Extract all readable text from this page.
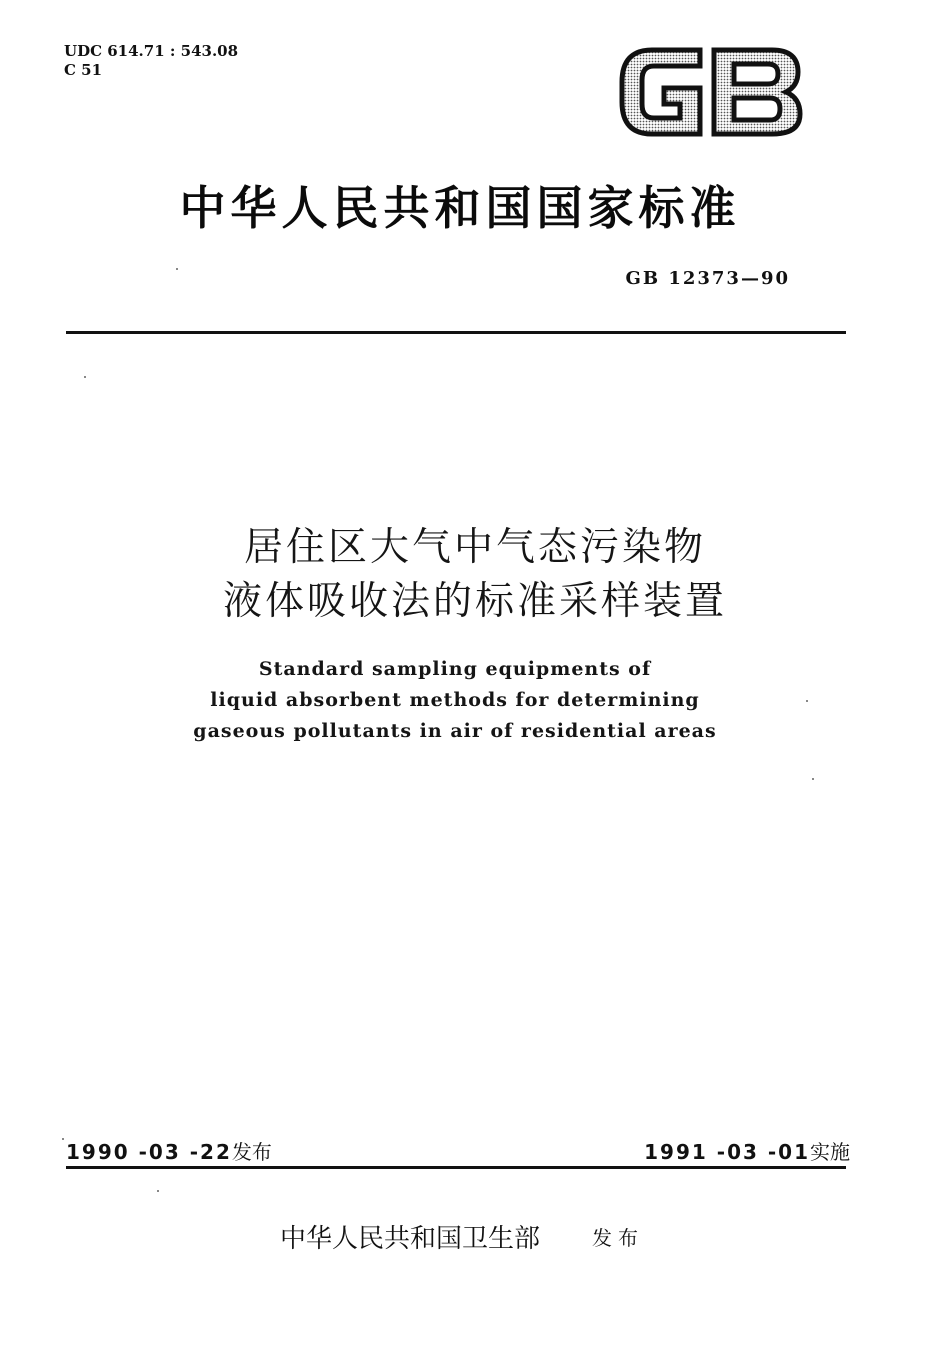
UDC 614.71 : 543.08
C 51
中华人民共和国国家标准
GB 12373—90
居住区大气中气态污染物
液体吸收法的标准采样装置
Standard sampling equipments of
liquid absorbent methods for determining
gaseous pollutants in air of residential areas
1990 -03 -22发布	1991 -03 -01实施
中华人民共和国卫生部	发布
